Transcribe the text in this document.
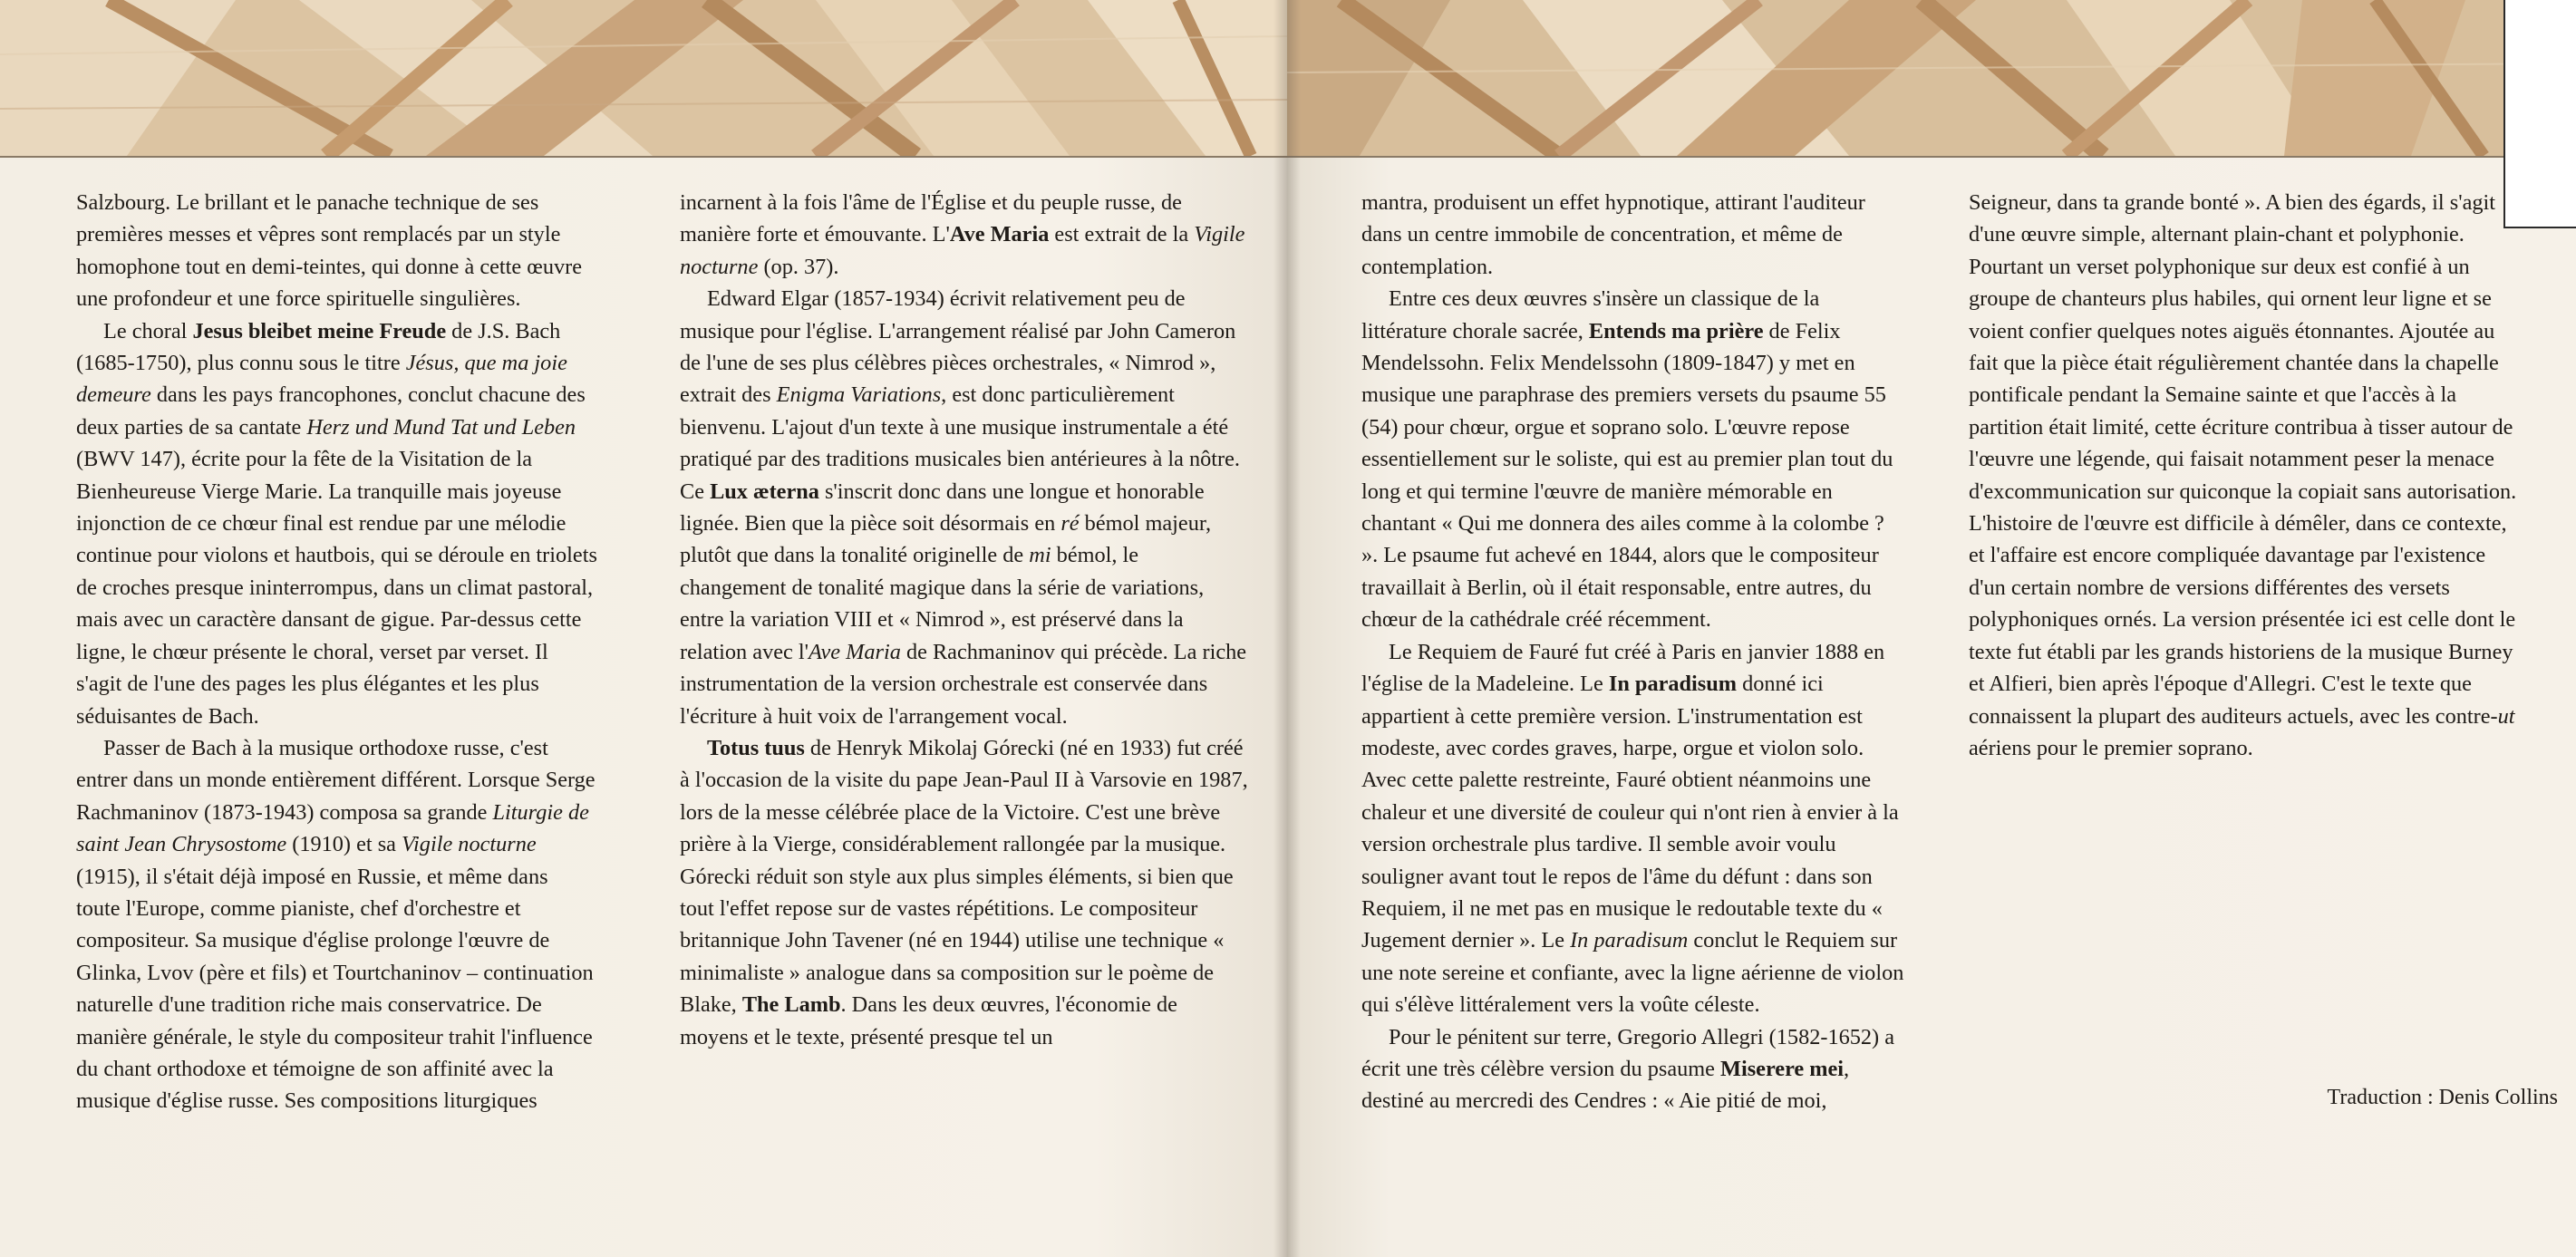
Salzbourg. Le brillant et le panache technique de ses premières messes et vêpres sont remplacés par un style homophone tout en demi-teintes, qui donne à cette œuvre une profondeur et une force spirituelle singulières.

Le choral Jesus bleibet meine Freude de J.S. Bach (1685-1750), plus connu sous le titre Jésus, que ma joie demeure dans les pays francophones, conclut chacune des deux parties de sa cantate Herz und Mund Tat und Leben (BWV 147), écrite pour la fête de la Visitation de la Bienheureuse Vierge Marie. La tranquille mais joyeuse injonction de ce chœur final est rendue par une mélodie continue pour violons et hautbois, qui se déroule en triolets de croches presque ininterrompus, dans un climat pastoral, mais avec un caractère dansant de gigue. Par-dessus cette ligne, le chœur présente le choral, verset par verset. Il s'agit de l'une des pages les plus élégantes et les plus séduisantes de Bach.

Passer de Bach à la musique orthodoxe russe, c'est entrer dans un monde entièrement différent. Lorsque Serge Rachmaninov (1873-1943) composa sa grande Liturgie de saint Jean Chrysostome (1910) et sa Vigile nocturne (1915), il s'était déjà imposé en Russie, et même dans toute l'Europe, comme pianiste, chef d'orchestre et compositeur. Sa musique d'église prolonge l'œuvre de Glinka, Lvov (père et fils) et Tourtchaninov – continuation naturelle d'une tradition riche mais conservatrice. De manière générale, le style du compositeur trahit l'influence du chant orthodoxe et témoigne de son affinité avec la musique d'église russe. Ses compositions liturgiques

incarnent à la fois l'âme de l'Église et du peuple russe, de manière forte et émouvante. L'Ave Maria est extrait de la Vigile nocturne (op. 37).

Edward Elgar (1857-1934) écrivit relativement peu de musique pour l'église. L'arrangement réalisé par John Cameron de l'une de ses plus célèbres pièces orchestrales, « Nimrod », extrait des Enigma Variations, est donc particulièrement bienvenu. L'ajout d'un texte à une musique instrumentale a été pratiqué par des traditions musicales bien antérieures à la nôtre. Ce Lux æterna s'inscrit donc dans une longue et honorable lignée. Bien que la pièce soit désormais en ré bémol majeur, plutôt que dans la tonalité originelle de mi bémol, le changement de tonalité magique dans la série de variations, entre la variation VIII et « Nimrod », est préservé dans la relation avec l'Ave Maria de Rachmaninov qui précède. La riche instrumentation de la version orchestrale est conservée dans l'écriture à huit voix de l'arrangement vocal.

Totus tuus de Henryk Mikolaj Górecki (né en 1933) fut créé à l'occasion de la visite du pape Jean-Paul II à Varsovie en 1987, lors de la messe célébrée place de la Victoire. C'est une brève prière à la Vierge, considérablement rallongée par la musique. Górecki réduit son style aux plus simples éléments, si bien que tout l'effet repose sur de vastes répétitions. Le compositeur britannique John Tavener (né en 1944) utilise une technique « minimaliste » analogue dans sa composition sur le poème de Blake, The Lamb. Dans les deux œuvres, l'économie de moyens et le texte, présenté presque tel un

mantra, produisent un effet hypnotique, attirant l'auditeur dans un centre immobile de concentration, et même de contemplation.

Entre ces deux œuvres s'insère un classique de la littérature chorale sacrée, Entends ma prière de Felix Mendelssohn. Felix Mendelssohn (1809-1847) y met en musique une paraphrase des premiers versets du psaume 55 (54) pour chœur, orgue et soprano solo. L'œuvre repose essentiellement sur le soliste, qui est au premier plan tout du long et qui termine l'œuvre de manière mémorable en chantant « Qui me donnera des ailes comme à la colombe ? ». Le psaume fut achevé en 1844, alors que le compositeur travaillait à Berlin, où il était responsable, entre autres, du chœur de la cathédrale créé récemment.

Le Requiem de Fauré fut créé à Paris en janvier 1888 en l'église de la Madeleine. Le In paradisum donné ici appartient à cette première version. L'instrumentation est modeste, avec cordes graves, harpe, orgue et violon solo. Avec cette palette restreinte, Fauré obtient néanmoins une chaleur et une diversité de couleur qui n'ont rien à envier à la version orchestrale plus tardive. Il semble avoir voulu souligner avant tout le repos de l'âme du défunt : dans son Requiem, il ne met pas en musique le redoutable texte du « Jugement dernier ». Le In paradisum conclut le Requiem sur une note sereine et confiante, avec la ligne aérienne de violon qui s'élève littéralement vers la voûte céleste.

Pour le pénitent sur terre, Gregorio Allegri (1582-1652) a écrit une très célèbre version du psaume Miserere mei, destiné au mercredi des Cendres : « Aie pitié de moi,

Seigneur, dans ta grande bonté ». A bien des égards, il s'agit d'une œuvre simple, alternant plain-chant et polyphonie. Pourtant un verset polyphonique sur deux est confié à un groupe de chanteurs plus habiles, qui ornent leur ligne et se voient confier quelques notes aiguës étonnantes. Ajoutée au fait que la pièce était régulièrement chantée dans la chapelle pontificale pendant la Semaine sainte et que l'accès à la partition était limité, cette écriture contribua à tisser autour de l'œuvre une légende, qui faisait notamment peser la menace d'excommunication sur quiconque la copiait sans autorisation. L'histoire de l'œuvre est difficile à démêler, dans ce contexte, et l'affaire est encore compliquée davantage par l'existence d'un certain nombre de versions différentes des versets polyphoniques ornés. La version présentée ici est celle dont le texte fut établi par les grands historiens de la musique Burney et Alfieri, bien après l'époque d'Allegri. C'est le texte que connaissent la plupart des auditeurs actuels, avec les contre-ut aériens pour le premier soprano.

Traduction : Denis Collins
